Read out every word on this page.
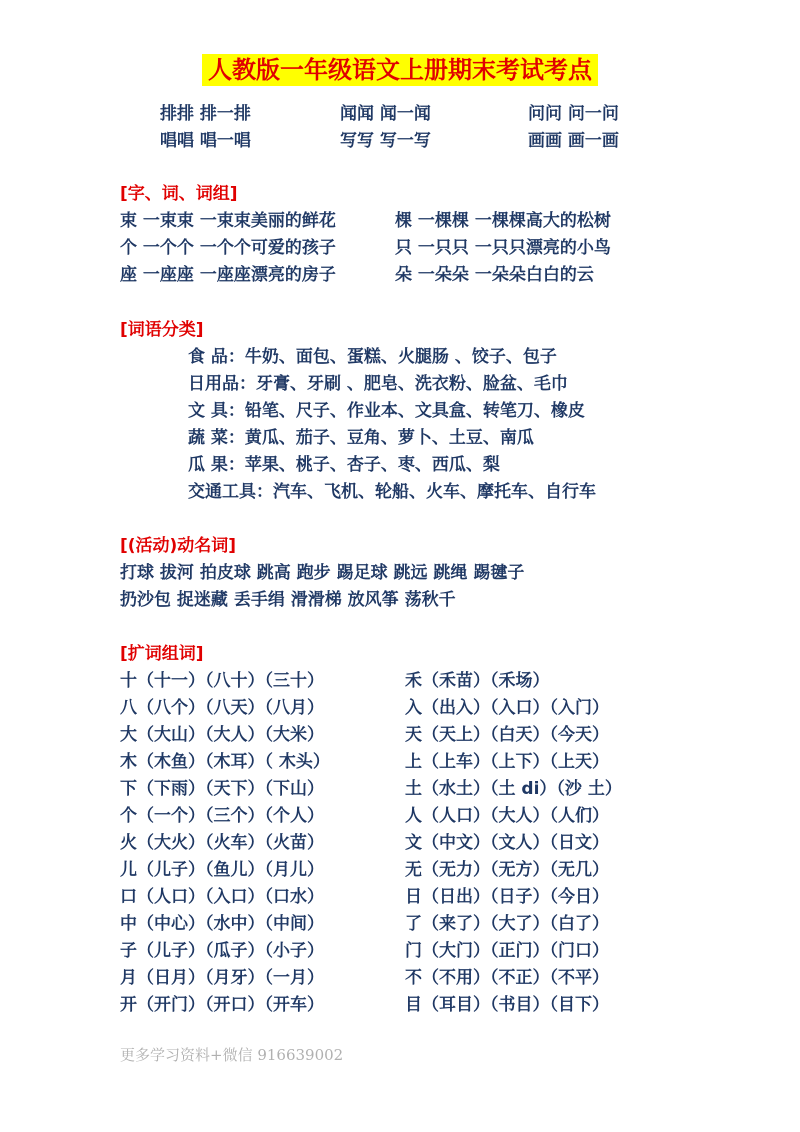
人教版一年级语文上册期末考试考点
排排 排一排	闻闻 闻一闻	问问 问一问
唱唱 唱一唱	写写 写一写	画画 画一画
[字、词、词组]
束 一束束 一束束美丽的鲜花	棵 一棵棵 一棵棵高大的松树
个 一个个 一个个可爱的孩子	只 一只只 一只只漂亮的小鸟
座 一座座 一座座漂亮的房子	朵 一朵朵 一朵朵白白的云
[词语分类]
食 品：牛奶、面包、蛋糕、火腿肠 、饺子、包子
日用品：牙膏、牙刷 、肥皂、洗衣粉、脸盆、毛巾
文 具：铅笔、尺子、作业本、文具盒、转笔刀、橡皮
蔬 菜：黄瓜、茄子、豆角、萝卜、土豆、南瓜
瓜 果：苹果、桃子、杏子、枣、西瓜、梨
交通工具：汽车、飞机、轮船、火车、摩托车、自行车
[(活动)动名词]
打球 拔河 拍皮球 跳高 跑步 踢足球 跳远 跳绳 踢毽子
扔沙包 捉迷藏 丢手绢 滑滑梯 放风筝 荡秋千
[扩词组词]
十（十一）（八十）（三十）	禾（禾苗）（禾场）
八（八个）（八天）（八月）	入（出入）（入口）（入门）
大（大山）（大人）（大米）	天（天上）（白天）（今天）
木（木鱼）（木耳）（ 木头）	上（上车）（上下）（上天）
下（下雨）（天下）（下山）	土（水土）（土 di）（沙 土）
个（一个）（三个）（个人）	人（人口）（大人）（人们）
火（大火）（火车）（火苗）	文（中文）（文人）（日文）
儿（儿子）（鱼儿）（月儿）	无（无力）（无方）（无几）
口（人口）（入口）（口水）	日（日出）（日子）（今日）
中（中心）（水中）（中间）	了（来了）（大了）（白了）
子（儿子）（瓜子）（小子）	门（大门）（正门）（门口）
月（日月）（月牙）（一月）	不（不用）（不正）（不平）
开（开门）（开口）（开车）	目（耳目）（书目）（目下）
更多学习资料+微信 916639002
